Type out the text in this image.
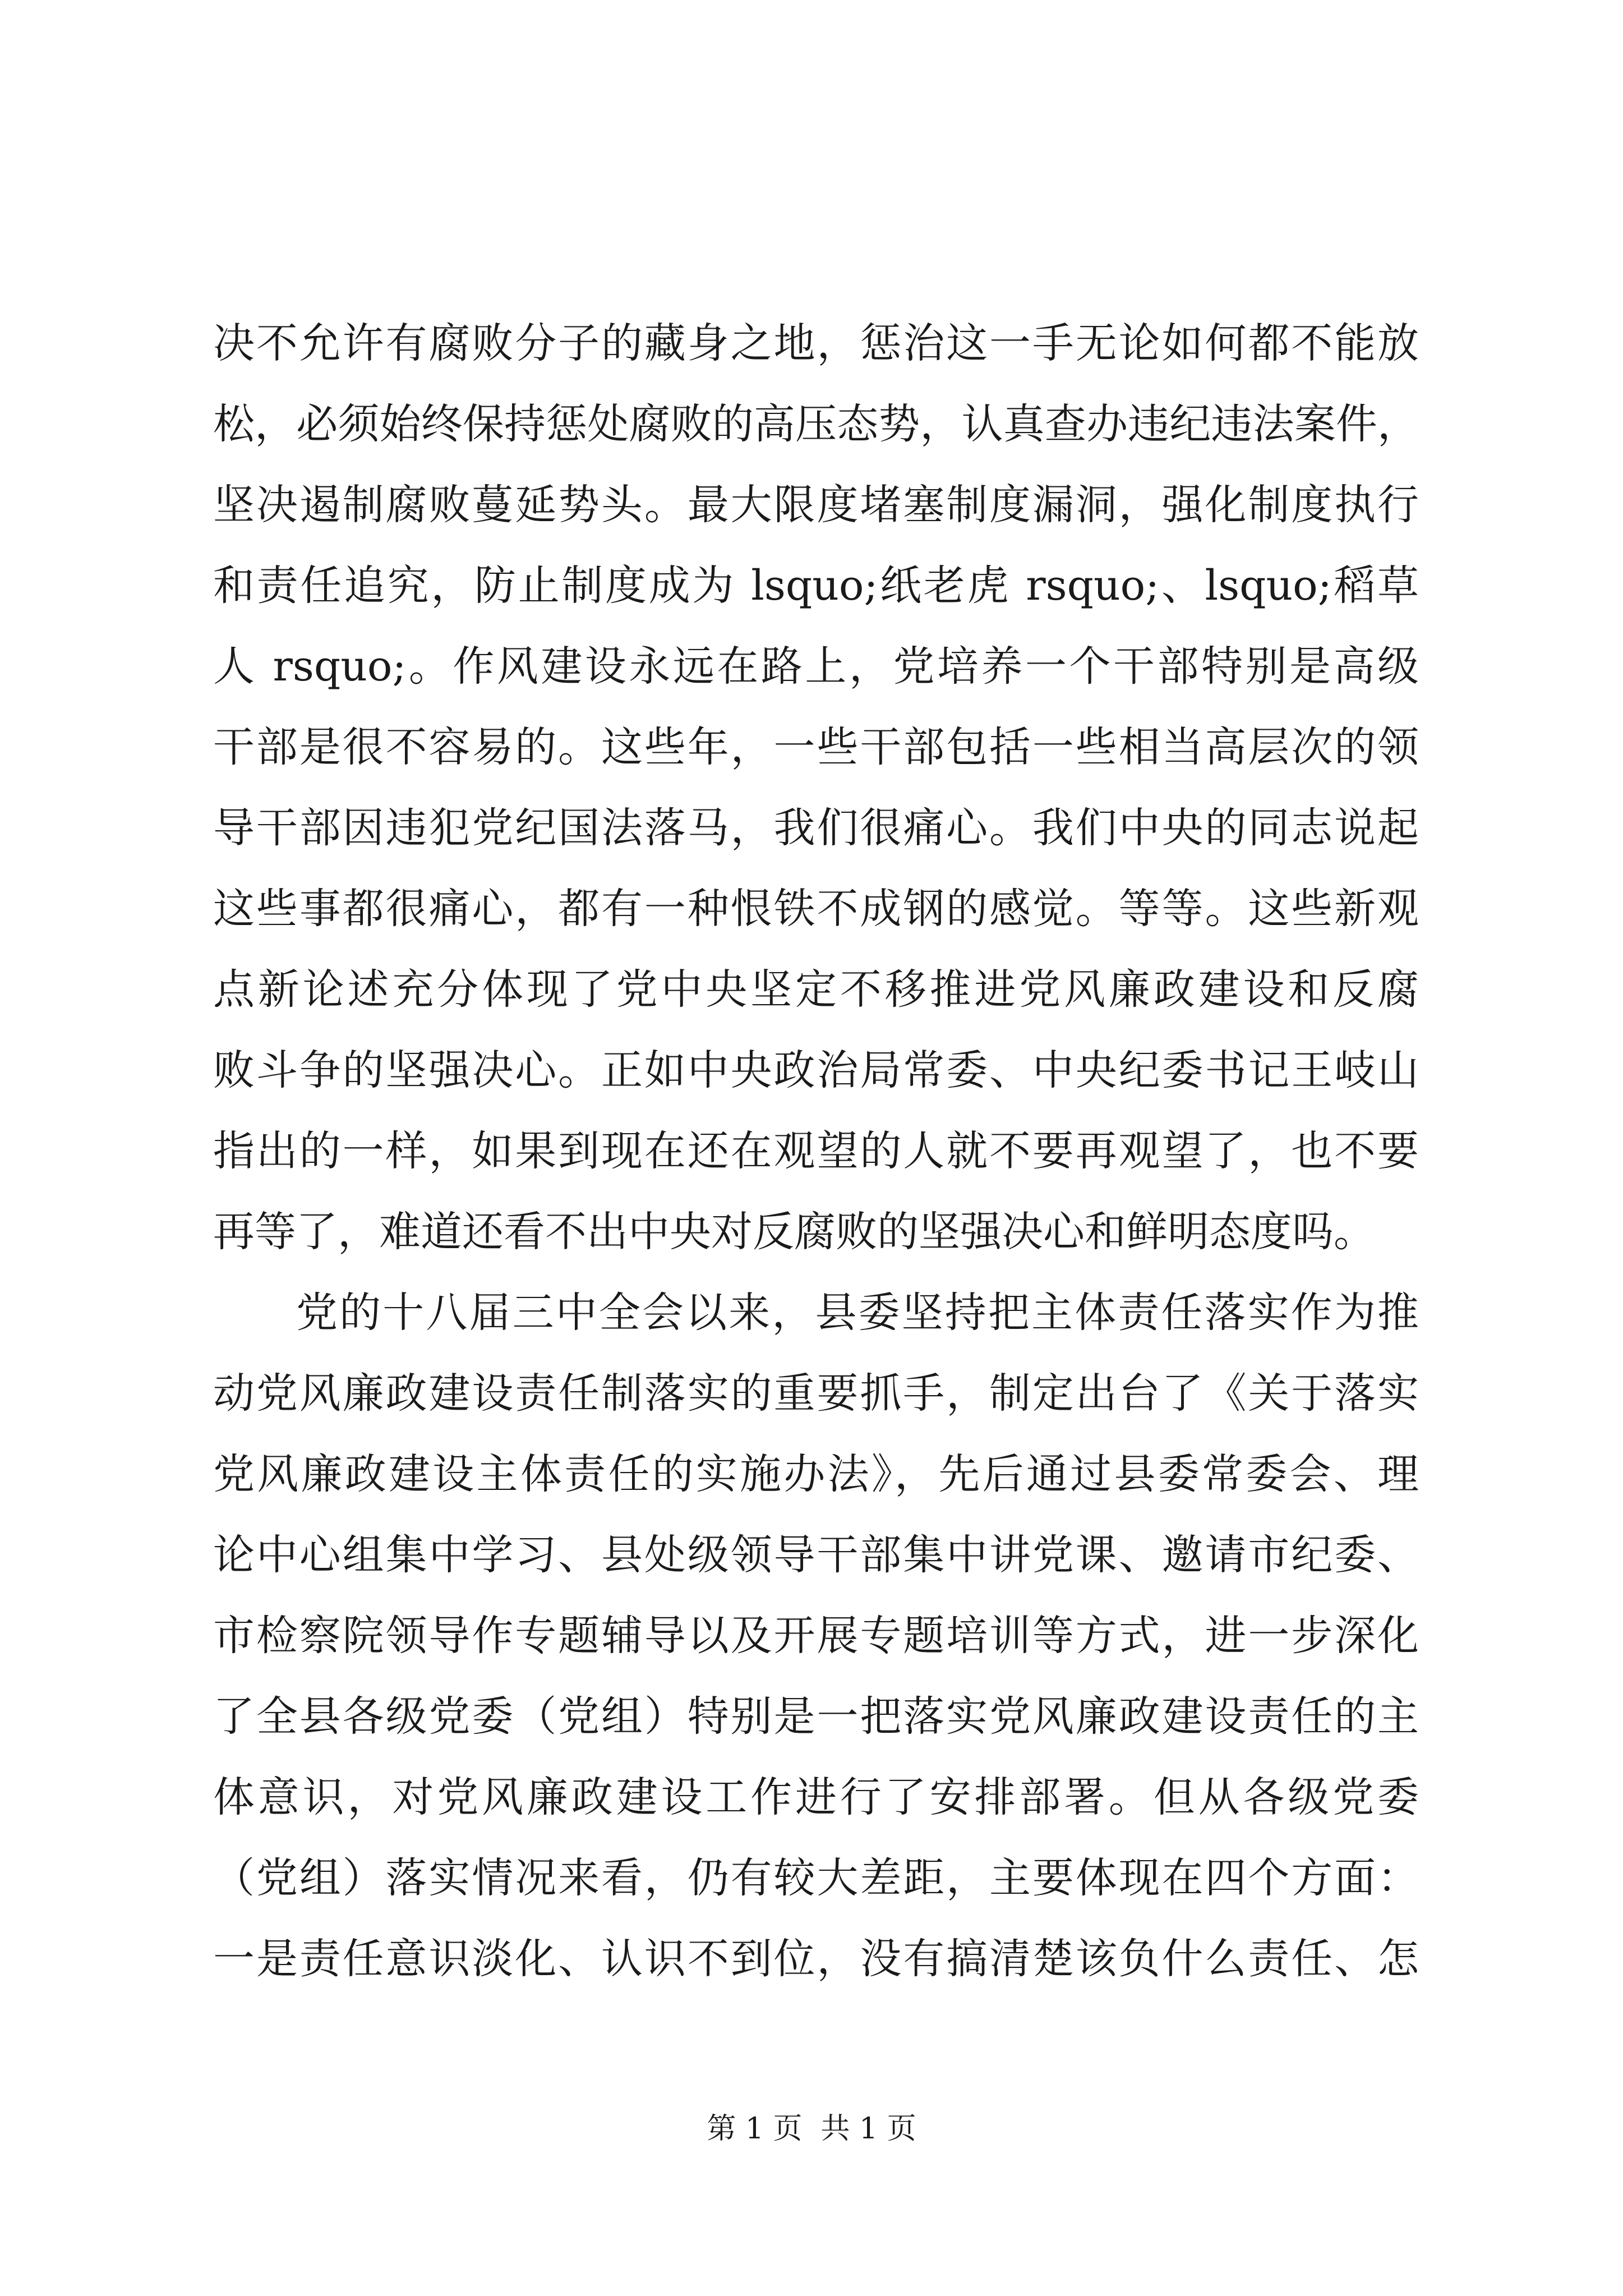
决不允许有腐败分子的藏身之地，惩治这一手无论如何都不能放
松，必须始终保持惩处腐败的高压态势，认真查办违纪违法案件，
坚决遏制腐败蔓延势头。最大限度堵塞制度漏洞，强化制度执行
和责任追究，防止制度成为 lsquo;纸老虎 rsquo;、lsquo;稻草
人 rsquo;。作风建设永远在路上，党培养一个干部特别是高级
干部是很不容易的。这些年，一些干部包括一些相当高层次的领
导干部因违犯党纪国法落马，我们很痛心。我们中央的同志说起
这些事都很痛心，都有一种恨铁不成钢的感觉。等等。这些新观
点新论述充分体现了党中央坚定不移推进党风廉政建设和反腐
败斗争的坚强决心。正如中央政治局常委、中央纪委书记王岐山
指出的一样，如果到现在还在观望的人就不要再观望了，也不要
再等了，难道还看不出中央对反腐败的坚强决心和鲜明态度吗。
党的十八届三中全会以来，县委坚持把主体责任落实作为推
动党风廉政建设责任制落实的重要抓手，制定出台了《关于落实
党风廉政建设主体责任的实施办法》，先后通过县委常委会、理
论中心组集中学习、县处级领导干部集中讲党课、邀请市纪委、
市检察院领导作专题辅导以及开展专题培训等方式，进一步深化
了全县各级党委（党组）特别是一把落实党风廉政建设责任的主
体意识，对党风廉政建设工作进行了安排部署。但从各级党委
（党组）落实情况来看，仍有较大差距，主要体现在四个方面：
一是责任意识淡化、认识不到位，没有搞清楚该负什么责任、怎
第 1 页  共 1 页
